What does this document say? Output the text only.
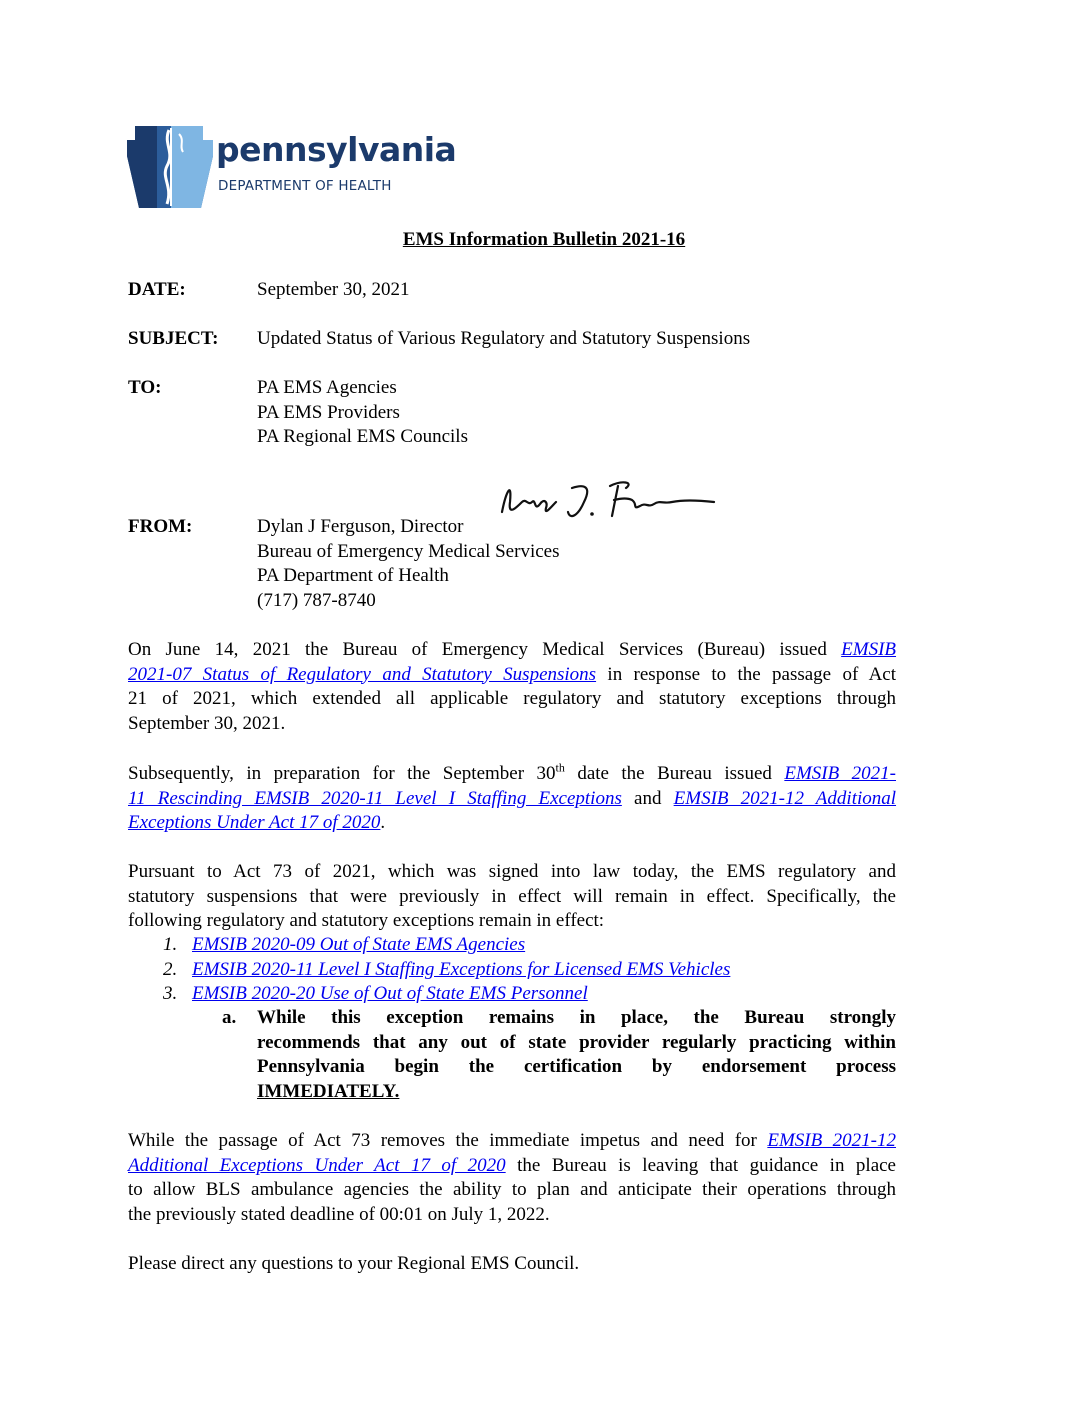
pennsylvania
DEPARTMENT OF HEALTH
EMS Information Bulletin 2021-16
DATE:	September 30, 2021
SUBJECT: Updated Status of Various Regulatory and Statutory Suspensions
TO:	PA EMS Agencies
PA EMS Providers
PA Regional EMS Councils
FROM:	Dylan J Ferguson, Director
Bureau of Emergency Medical Services
PA Department of Health
(717) 787-8740
On June 14, 2021 the Bureau of Emergency Medical Services (Bureau) issued EMSIB
2021-07 Status of Regulatory and Statutory Suspensions in response to the passage of Act
21 of 2021, which extended all applicable regulatory and statutory exceptions through
September 30, 2021.
Subsequently, in preparation for the September 30th date the Bureau issued EMSIB 2021-
11 Rescinding EMSIB 2020-11 Level I Staffing Exceptions and EMSIB 2021-12 Additional
Exceptions Under Act 17 of 2020.
Pursuant to Act 73 of 2021, which was signed into law today, the EMS regulatory and
statutory suspensions that were previously in effect will remain in effect. Specifically, the
following regulatory and statutory exceptions remain in effect:
1. EMSIB 2020-09 Out of State EMS Agencies
2. EMSIB 2020-11 Level I Staffing Exceptions for Licensed EMS Vehicles
3. EMSIB 2020-20 Use of Out of State EMS Personnel
a. While this exception remains in place, the Bureau strongly
recommends that any out of state provider regularly practicing within
Pennsylvania begin the certification by endorsement process
IMMEDIATELY.
While the passage of Act 73 removes the immediate impetus and need for EMSIB 2021-12
Additional Exceptions Under Act 17 of 2020 the Bureau is leaving that guidance in place
to allow BLS ambulance agencies the ability to plan and anticipate their operations through
the previously stated deadline of 00:01 on July 1, 2022.
Please direct any questions to your Regional EMS Council.
